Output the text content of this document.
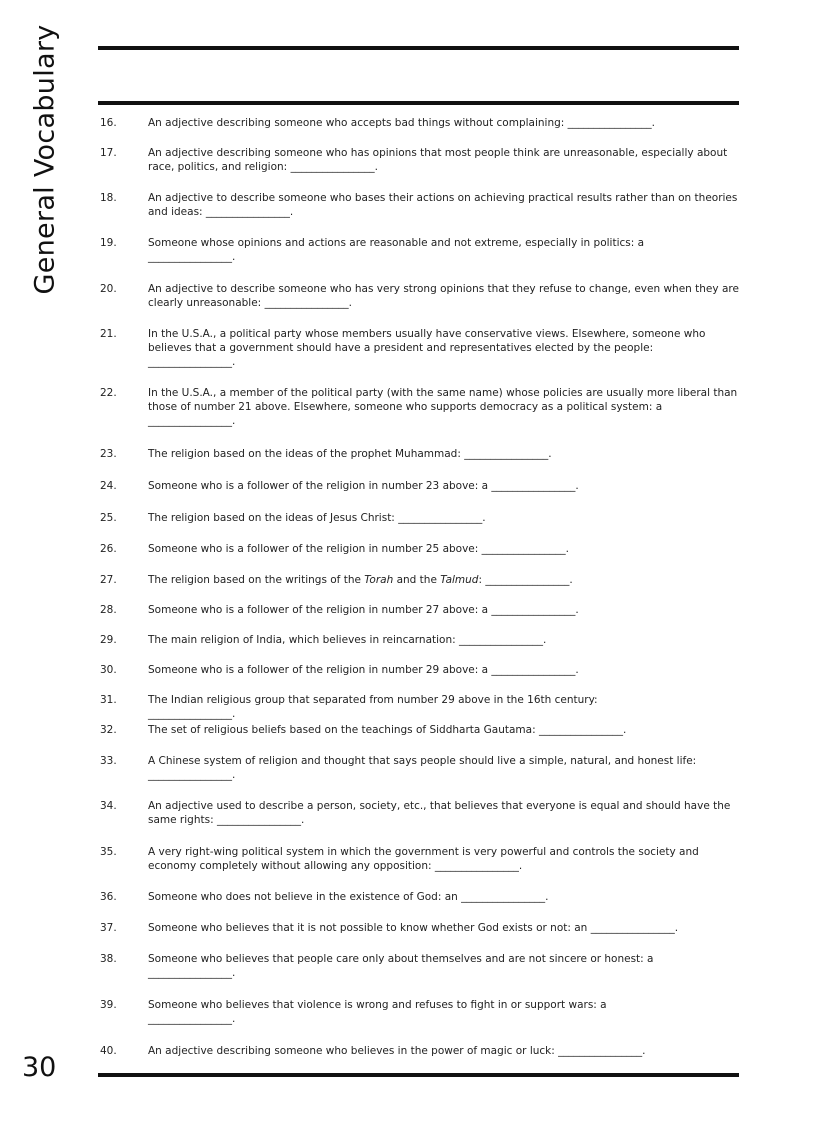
General Vocabulary	16.	An adjective describing someone who accepts bad things without complaining: ________________.
17.	An adjective describing someone who has opinions that most people think are unreasonable, especially about race, politics, and religion: ________________.
18.	An adjective to describe someone who bases their actions on achieving practical results rather than on theories and ideas: ________________.
19.	Someone whose opinions and actions are reasonable and not extreme, especially in politics: a
________________.
20.	An adjective to describe someone who has very strong opinions that they refuse to change, even when they are clearly unreasonable: ________________.
21.	In the U.S.A., a political party whose members usually have conservative views. Elsewhere, someone who believes that a government should have a president and representatives elected by the people:
________________.
22.	In the U.S.A., a member of the political party (with the same name) whose policies are usually more liberal than those of number 21 above. Elsewhere, someone who supports democracy as a political system: a
________________.
23.	The religion based on the ideas of the prophet Muhammad: ________________.
24.	Someone who is a follower of the religion in number 23 above: a ________________.
25.	The religion based on the ideas of Jesus Christ: ________________.
26.	Someone who is a follower of the religion in number 25 above: ________________.
27.	The religion based on the writings of the Torah and the Talmud: ________________.
28.	Someone who is a follower of the religion in number 27 above: a ________________.
29.	The main religion of India, which believes in reincarnation: ________________.
30.	Someone who is a follower of the religion in number 29 above: a ________________.
31.	The Indian religious group that separated from number 29 above in the 16th century:
________________.
32.	The set of religious beliefs based on the teachings of Siddharta Gautama: ________________.
33.	A Chinese system of religion and thought that says people should live a simple, natural, and honest life:
________________.
34.	An adjective used to describe a person, society, etc., that believes that everyone is equal and should have the same rights: ________________.
35.	A very right-wing political system in which the government is very powerful and controls the society and economy completely without allowing any opposition: ________________.
36.	Someone who does not believe in the existence of God: an ________________.
37.	Someone who believes that it is not possible to know whether God exists or not: an ________________.
38.	Someone who believes that people care only about themselves and are not sincere or honest: a
________________.
39.	Someone who believes that violence is wrong and refuses to fight in or support wars: a
________________.
40.	An adjective describing someone who believes in the power of magic or luck: ________________.
30
